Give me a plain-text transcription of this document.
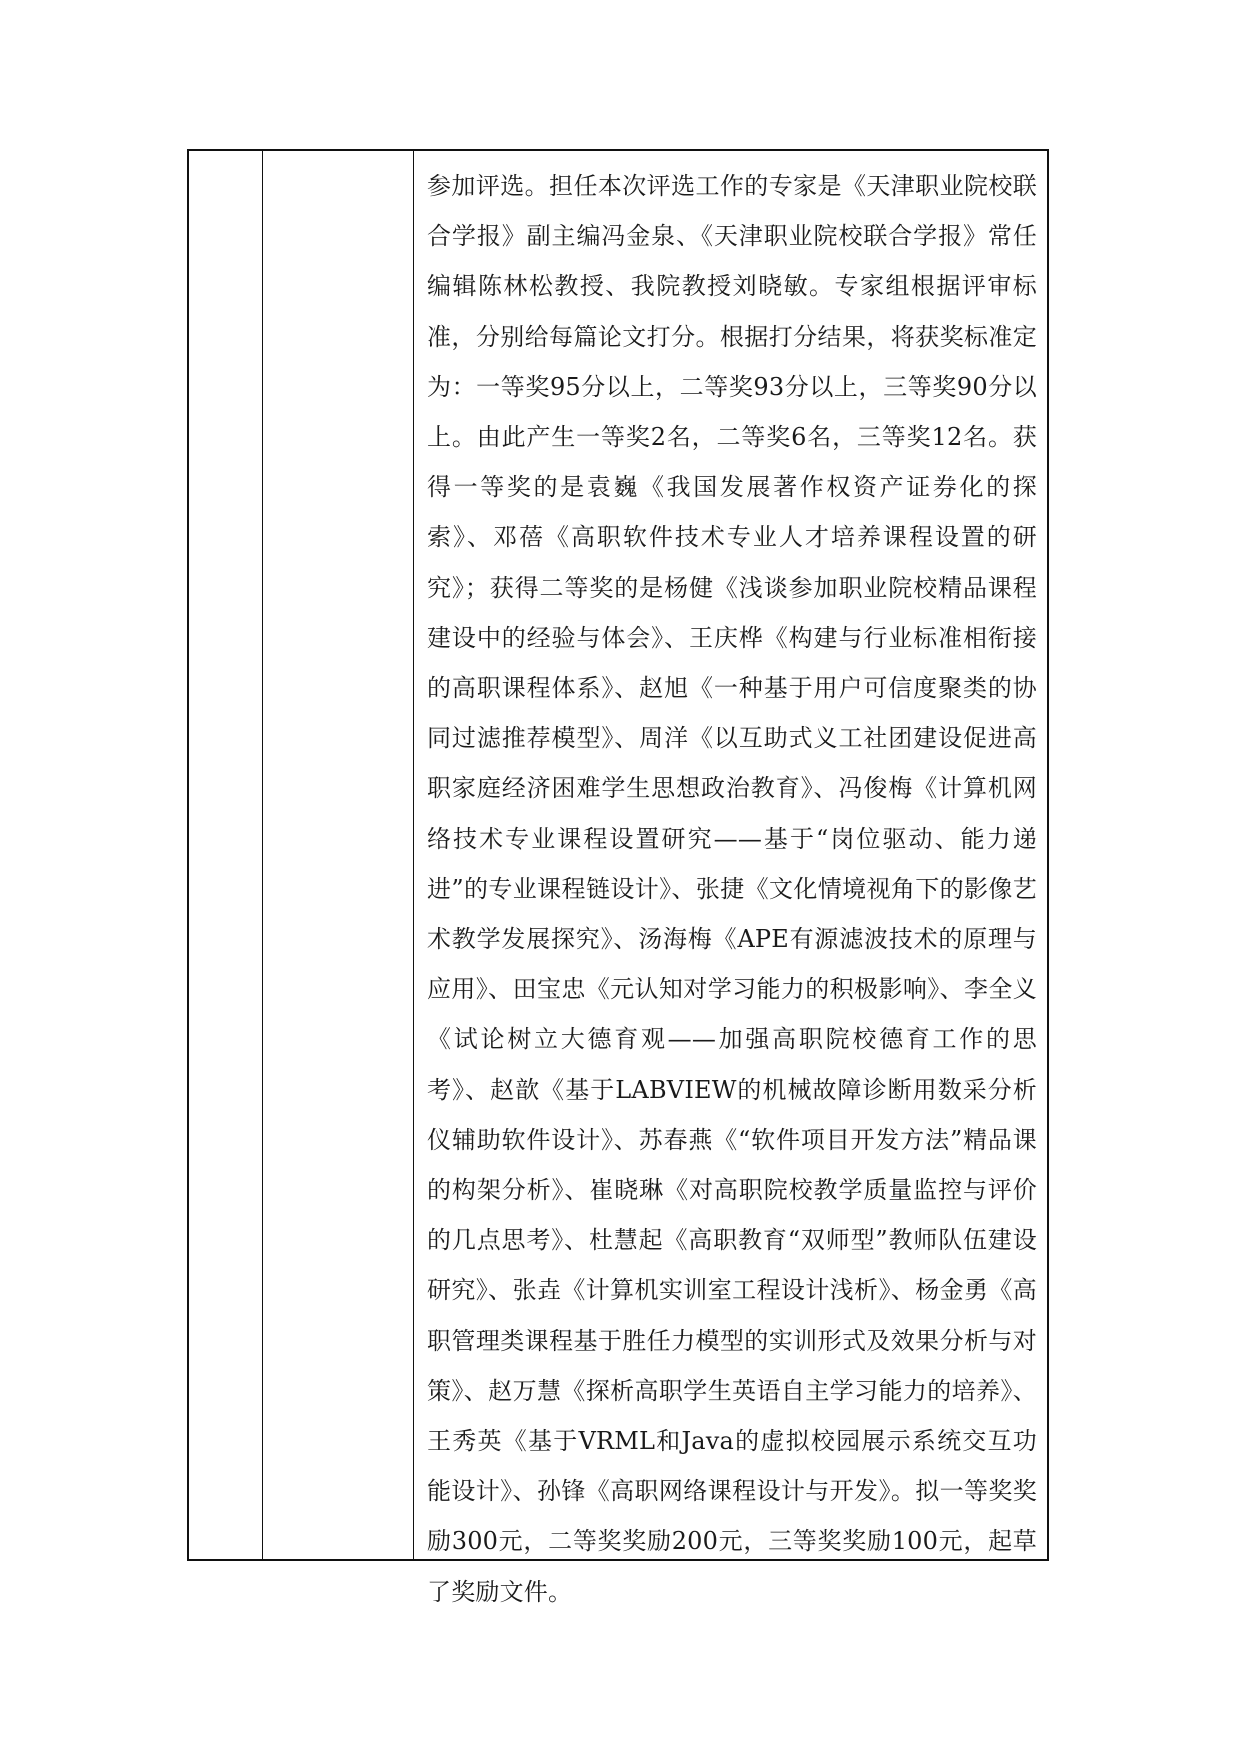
参加评选。担任本次评选工作的专家是《天津职业院校联合学报》副主编冯金泉、《天津职业院校联合学报》常任编辑陈林松教授、我院教授刘晓敏。专家组根据评审标准，分别给每篇论文打分。根据打分结果，将获奖标准定为：一等奖95分以上，二等奖93分以上，三等奖90分以上。由此产生一等奖2名，二等奖6名，三等奖12名。获得一等奖的是袁巍《我国发展著作权资产证券化的探索》、邓蓓《高职软件技术专业人才培养课程设置的研究》；获得二等奖的是杨健《浅谈参加职业院校精品课程建设中的经验与体会》、王庆桦《构建与行业标准相衔接的高职课程体系》、赵旭《一种基于用户可信度聚类的协同过滤推荐模型》、周洋《以互助式义工社团建设促进高职家庭经济困难学生思想政治教育》、冯俊梅《计算机网络技术专业课程设置研究——基于“岗位驱动、能力递进”的专业课程链设计》、张捷《文化情境视角下的影像艺术教学发展探究》、汤海梅《APE有源滤波技术的原理与应用》、田宝忠《元认知对学习能力的积极影响》、李全义《试论树立大德育观——加强高职院校德育工作的思考》、赵歆《基于LABVIEW的机械故障诊断用数采分析仪辅助软件设计》、苏春燕《“软件项目开发方法”精品课的构架分析》、崔晓琳《对高职院校教学质量监控与评价的几点思考》、杜慧起《高职教育“双师型”教师队伍建设研究》、张垚《计算机实训室工程设计浅析》、杨金勇《高职管理类课程基于胜任力模型的实训形式及效果分析与对策》、赵万慧《探析高职学生英语自主学习能力的培养》、王秀英《基于VRML和Java的虚拟校园展示系统交互功能设计》、孙锋《高职网络课程设计与开发》。拟一等奖奖励300元，二等奖奖励200元，三等奖奖励100元，起草了奖励文件。
